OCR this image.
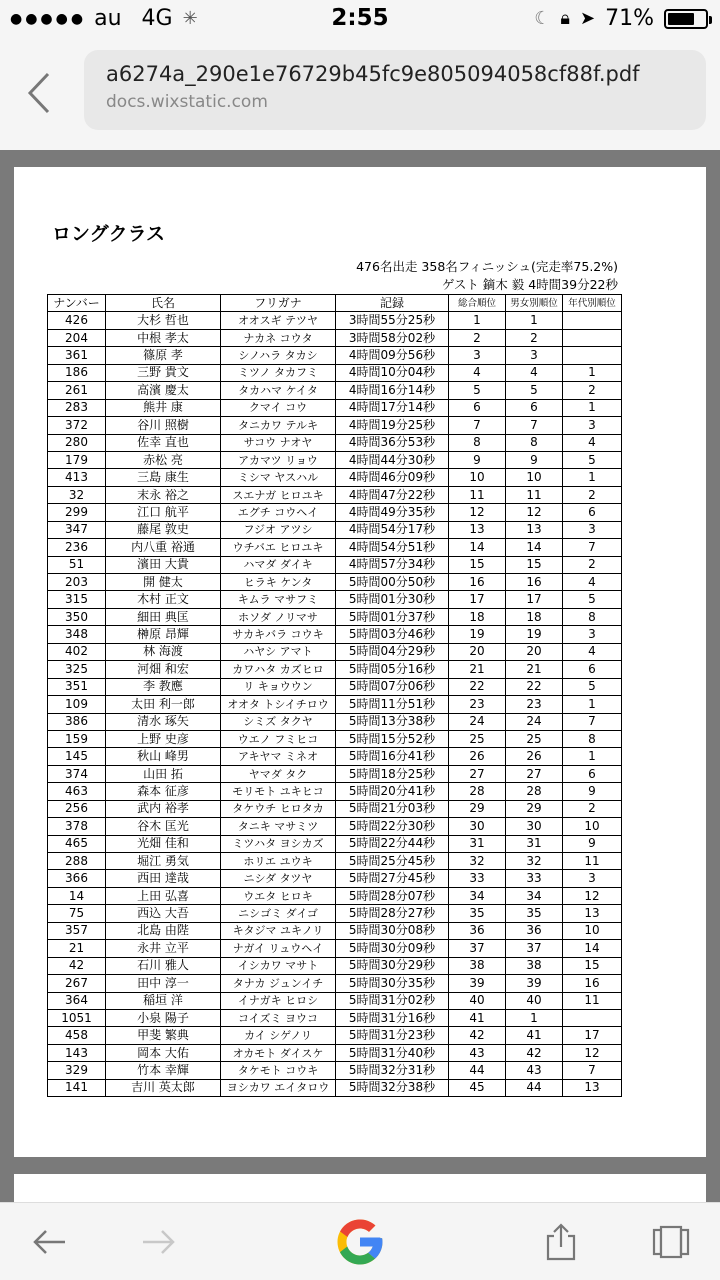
●●●●● au 4G ✳	2:55	☾ 🔒︎ ➤ 71%
a6274a_290e1e76729b45fc9e805094058cf88f.pdf
docs.wixstatic.com
ロングクラス
476名出走 358名フィニッシュ(完走率75.2%)
ゲスト 鏑木 毅 4時間39分22秒
ナンバー	氏名	フリガナ	記録	総合順位	男女別順位	年代別順位
426	大杉 哲也	オオスギ テツヤ	3時間55分25秒	1	1	
204	中根 孝太	ナカネ コウタ	3時間58分02秒	2	2	
361	篠原 孝	シノハラ タカシ	4時間09分56秒	3	3	
186	三野 貴文	ミツノ タカフミ	4時間10分04秒	4	4	1
261	高濱 慶太	タカハマ ケイタ	4時間16分14秒	5	5	2
283	熊井 康	クマイ コウ	4時間17分14秒	6	6	1
372	谷川 照樹	タニカワ テルキ	4時間19分25秒	7	7	3
280	佐幸 直也	サコウ ナオヤ	4時間36分53秒	8	8	4
179	赤松 亮	アカマツ リョウ	4時間44分30秒	9	9	5
413	三島 康生	ミシマ ヤスハル	4時間46分09秒	10	10	1
32	末永 裕之	スエナガ ヒロユキ	4時間47分22秒	11	11	2
299	江口 航平	エグチ コウヘイ	4時間49分35秒	12	12	6
347	藤尾 敦史	フジオ アツシ	4時間54分17秒	13	13	3
236	内八重 裕通	ウチバエ ヒロユキ	4時間54分51秒	14	14	7
51	濱田 大貴	ハマダ ダイキ	4時間57分34秒	15	15	2
203	開 健太	ヒラキ ケンタ	5時間00分50秒	16	16	4
315	木村 正文	キムラ マサフミ	5時間01分30秒	17	17	5
350	細田 典匡	ホソダ ノリマサ	5時間01分37秒	18	18	8
348	榊原 昂輝	サカキバラ コウキ	5時間03分46秒	19	19	3
402	林 海渡	ハヤシ アマト	5時間04分29秒	20	20	4
325	河畑 和宏	カワハタ カズヒロ	5時間05分16秒	21	21	6
351	李 教應	リ キョウウン	5時間07分06秒	22	22	5
109	太田 利一郎	オオタ トシイチロウ	5時間11分51秒	23	23	1
386	清水 琢矢	シミズ タクヤ	5時間13分38秒	24	24	7
159	上野 史彦	ウエノ フミヒコ	5時間15分52秒	25	25	8
145	秋山 峰男	アキヤマ ミネオ	5時間16分41秒	26	26	1
374	山田 拓	ヤマダ タク	5時間18分25秒	27	27	6
463	森本 征彦	モリモト ユキヒコ	5時間20分41秒	28	28	9
256	武内 裕孝	タケウチ ヒロタカ	5時間21分03秒	29	29	2
378	谷木 匡光	タニキ マサミツ	5時間22分30秒	30	30	10
465	光畑 佳和	ミツハタ ヨシカズ	5時間22分44秒	31	31	9
288	堀江 勇気	ホリエ ユウキ	5時間25分45秒	32	32	11
366	西田 達哉	ニシダ タツヤ	5時間27分45秒	33	33	3
14	上田 弘喜	ウエタ ヒロキ	5時間28分07秒	34	34	12
75	西込 大吾	ニシゴミ ダイゴ	5時間28分27秒	35	35	13
357	北島 由陛	キタジマ ユキノリ	5時間30分08秒	36	36	10
21	永井 立平	ナガイ リュウヘイ	5時間30分09秒	37	37	14
42	石川 雅人	イシカワ マサト	5時間30分29秒	38	38	15
267	田中 淳一	タナカ ジュンイチ	5時間30分35秒	39	39	16
364	稲垣 洋	イナガキ ヒロシ	5時間31分02秒	40	40	11
1051	小泉 陽子	コイズミ ヨウコ	5時間31分16秒	41	1	
458	甲斐 繁典	カイ シゲノリ	5時間31分23秒	42	41	17
143	岡本 大佑	オカモト ダイスケ	5時間31分40秒	43	42	12
329	竹本 幸輝	タケモト コウキ	5時間32分31秒	44	43	7
141	吉川 英太郎	ヨシカワ エイタロウ	5時間32分38秒	45	44	13
